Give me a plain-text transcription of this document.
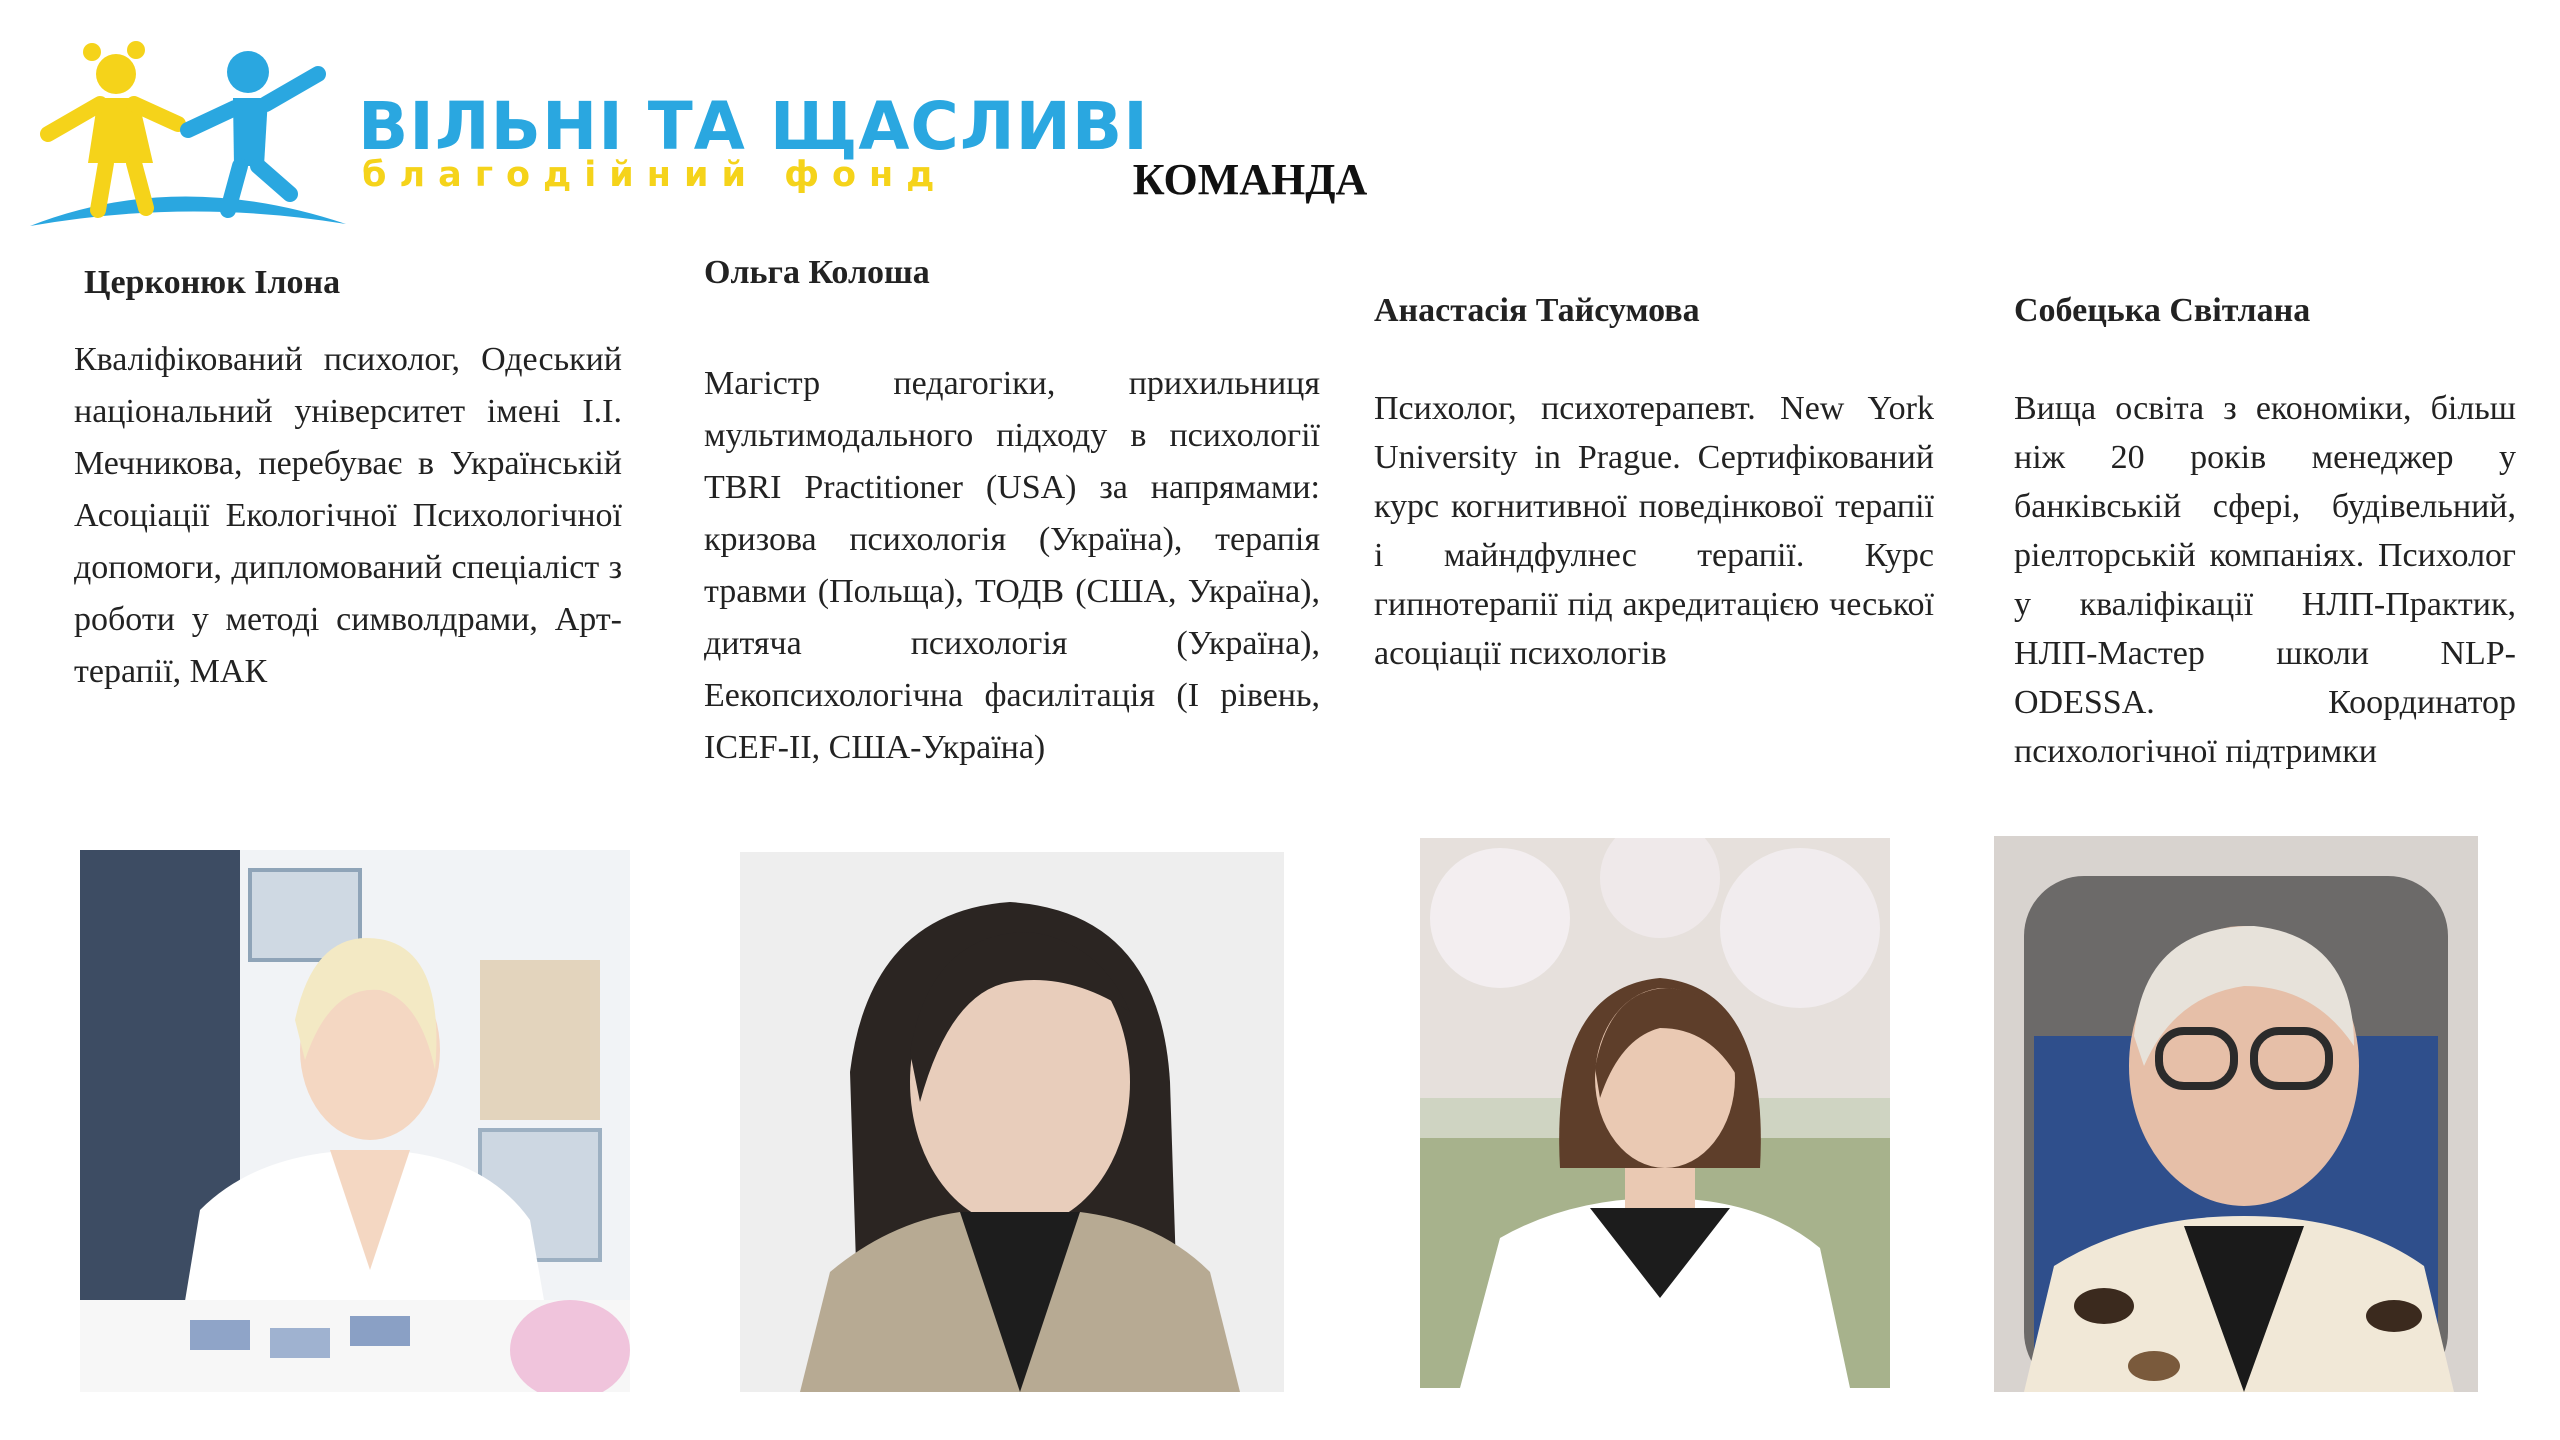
ВІЛЬНІ ТА ЩАСЛИВІ
благодійний фонд	КОМАНДА
Церконюк Ілона

Кваліфікований психолог, Одеський національний університет імені І.І. Мечникова, перебуває в Українській Асоціації Екологічної Психологічної допомоги, дипломований спеціаліст з роботи у методі символдрами, Арт-терапії, МАК

Ольга Колоша

Магістр педагогіки, прихильниця мультимодального підходу в психології TBRI Practitioner (USA) за напрямами: кризова психологія (Україна), терапія травми (Польща), ТОДВ (США, Україна), дитяча психологія (Україна), Еекопсихологічна фасилітація (I рівень, ICEF-II, США-Україна)

Анастасія Тайсумова

Психолог, психотерапевт. New York University in Prague. Сертифікований курс когнитивної поведінкової терапії і майндфулнес терапії. Курс гипнотерапії під акредитацією чеської асоціації психологів

Собецька Світлана

Вища освіта з економіки, більш ніж 20 років менеджер у банківській сфері, будівельний, ріелторській компаніях. Психолог у кваліфікації НЛП-Практик, НЛП-Мастер школи NLP-ODESSA. Координатор психологічної підтримки
